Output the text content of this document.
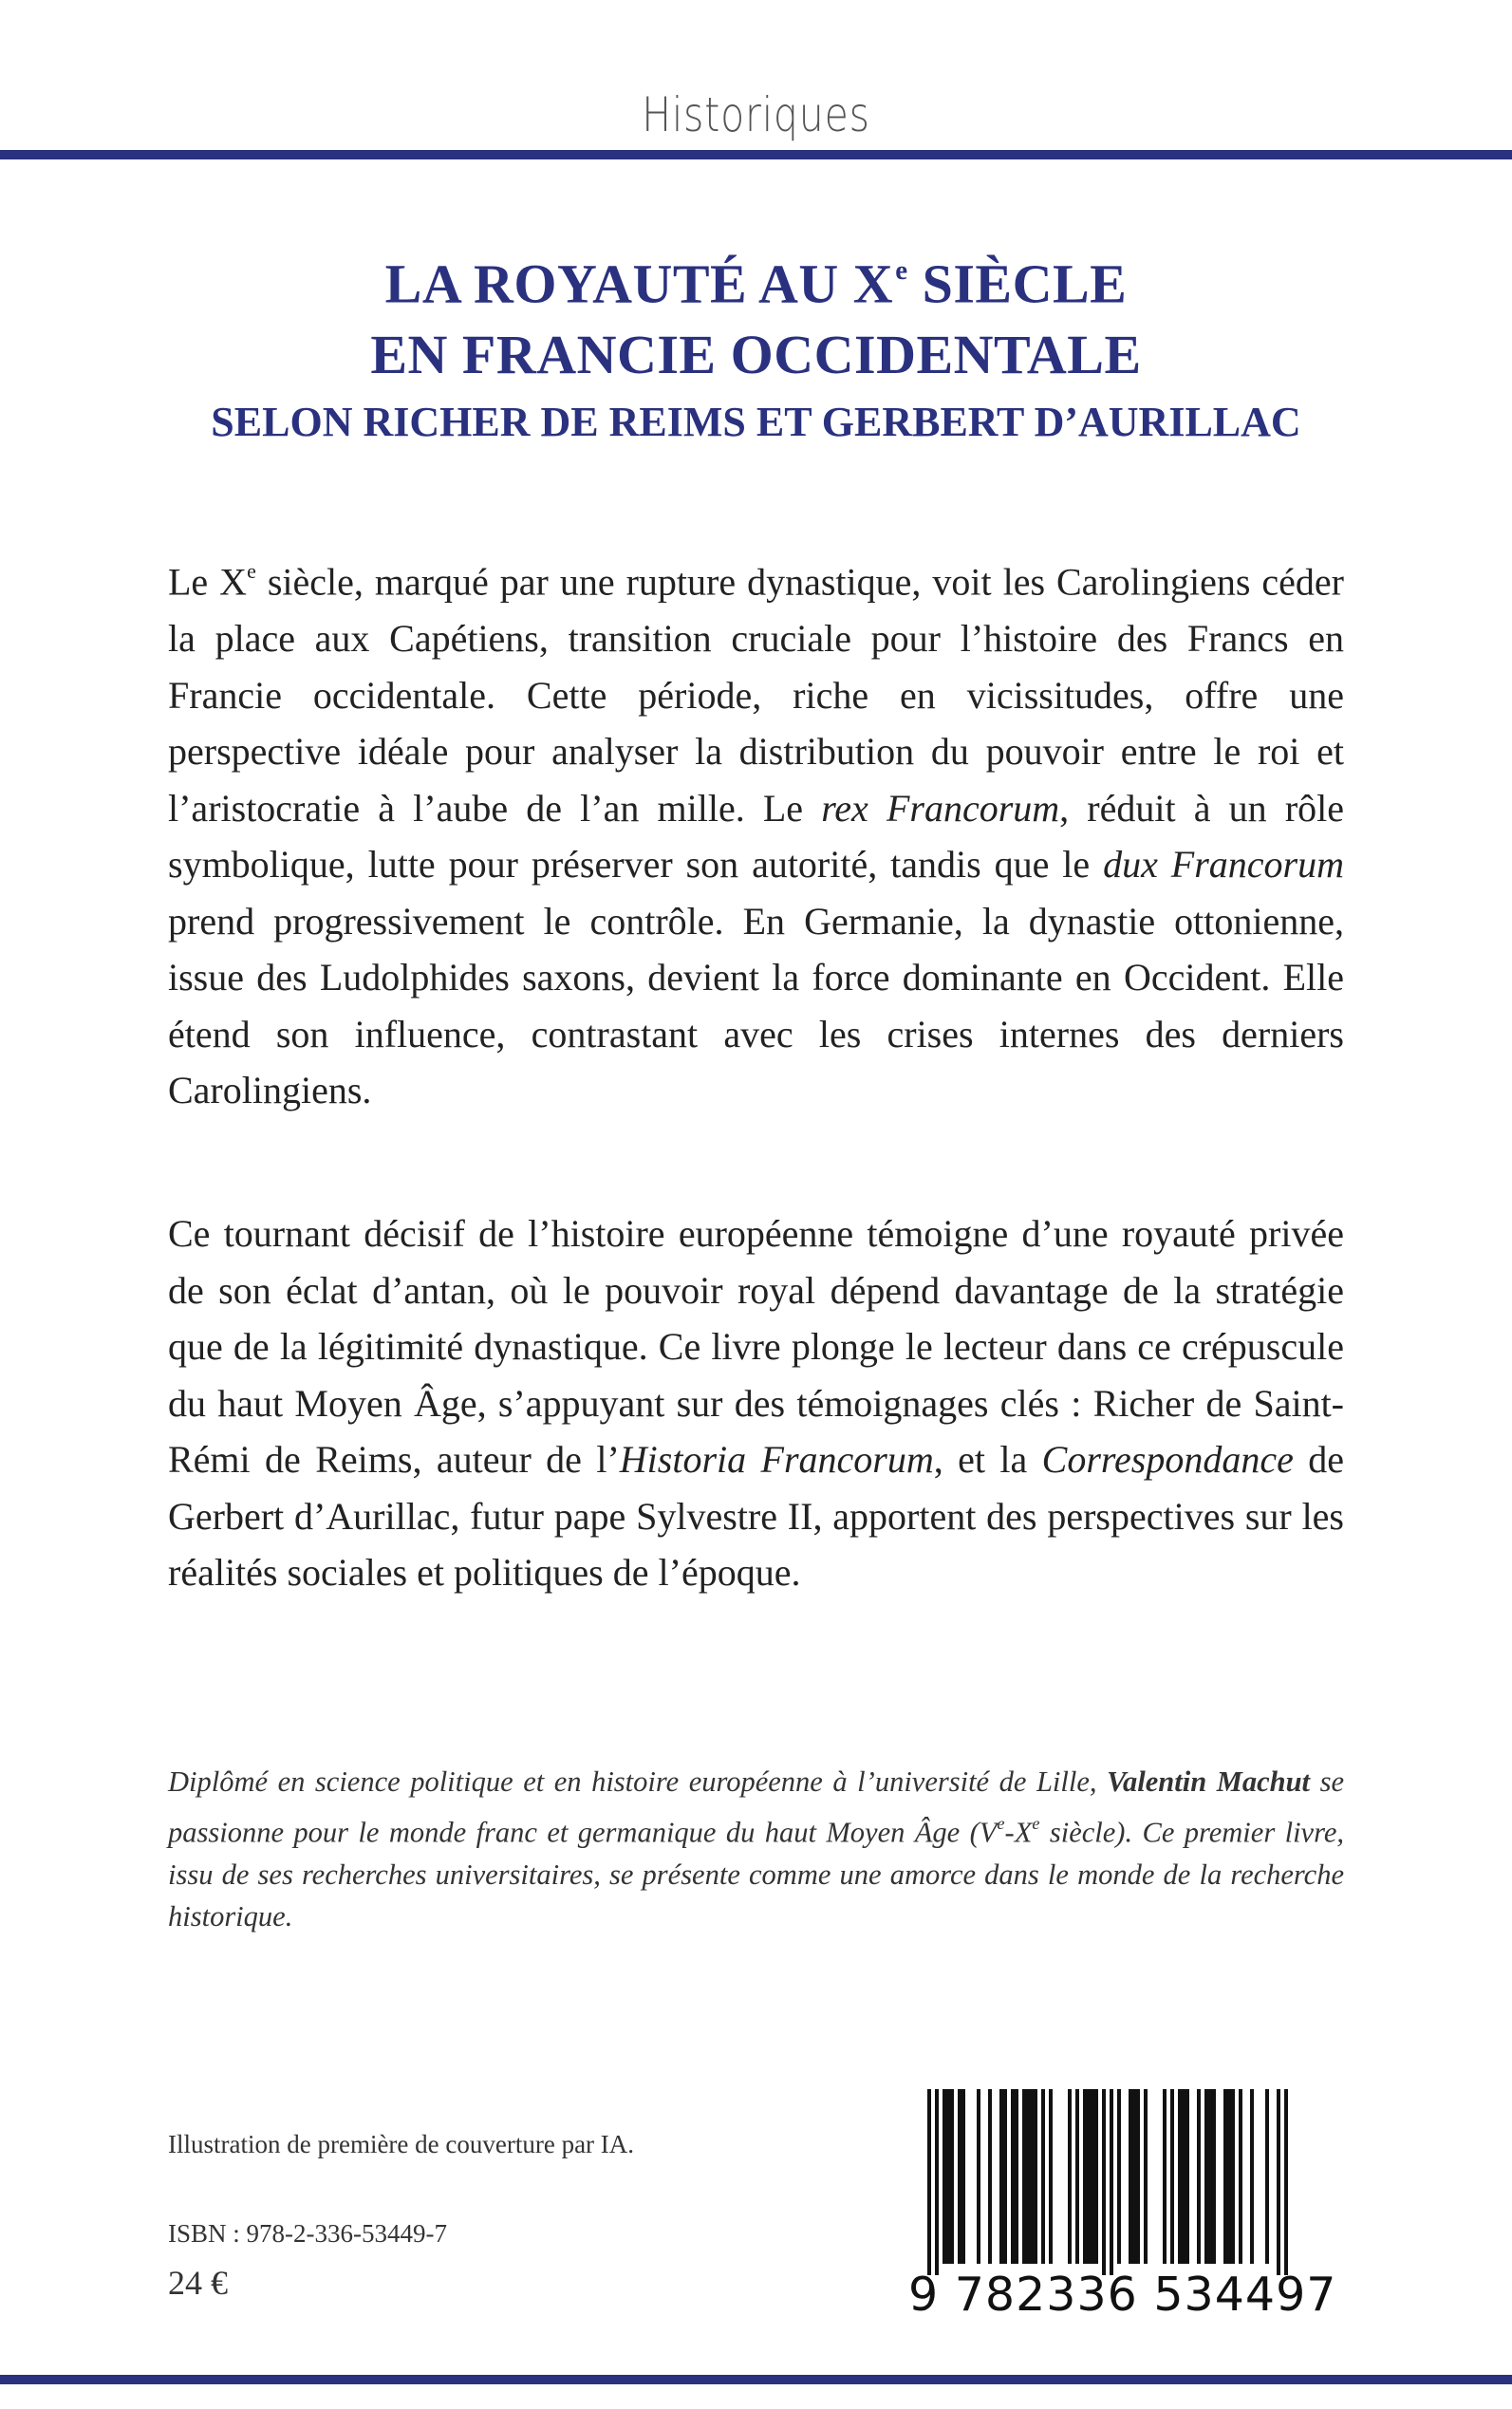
Historiques
LA ROYAUTÉ AU Xe SIÈCLE
EN FRANCIE OCCIDENTALE
SELON RICHER DE REIMS ET GERBERT D’AURILLAC

Le Xe siècle, marqué par une rupture dynastique, voit les Carolingiens céder la place aux Capétiens, transition cruciale pour l’histoire des Francs en Francie occidentale. Cette période, riche en vicissitudes, offre une perspective idéale pour analyser la distribution du pouvoir entre le roi et l’aristocratie à l’aube de l’an mille. Le rex Francorum, réduit à un rôle symbolique, lutte pour préserver son autorité, tandis que le dux Francorum prend progressivement le contrôle. En Germanie, la dynastie ottonienne, issue des Ludolphides saxons, devient la force dominante en Occident. Elle étend son influence, contrastant avec les crises internes des derniers Carolingiens.

Ce tournant décisif de l’histoire européenne témoigne d’une royauté privée de son éclat d’antan, où le pouvoir royal dépend davantage de la stratégie que de la légitimité dynastique. Ce livre plonge le lecteur dans ce crépuscule du haut Moyen Âge, s’appuyant sur des témoignages clés : Richer de Saint-Rémi de Reims, auteur de l’Historia Francorum, et la Correspondance de Gerbert d’Aurillac, futur pape Sylvestre II, apportent des perspectives sur les réalités sociales et politiques de l’époque.

Diplômé en science politique et en histoire européenne à l’université de Lille, Valentin Machut se passionne pour le monde franc et germanique du haut Moyen Âge (Ve-Xe siècle). Ce premier livre, issu de ses recherches universitaires, se présente comme une amorce dans le monde de la recherche historique.
Illustration de première de couverture par IA.
ISBN : 978-2-336-53449-7
24 €	9 782336 534497
